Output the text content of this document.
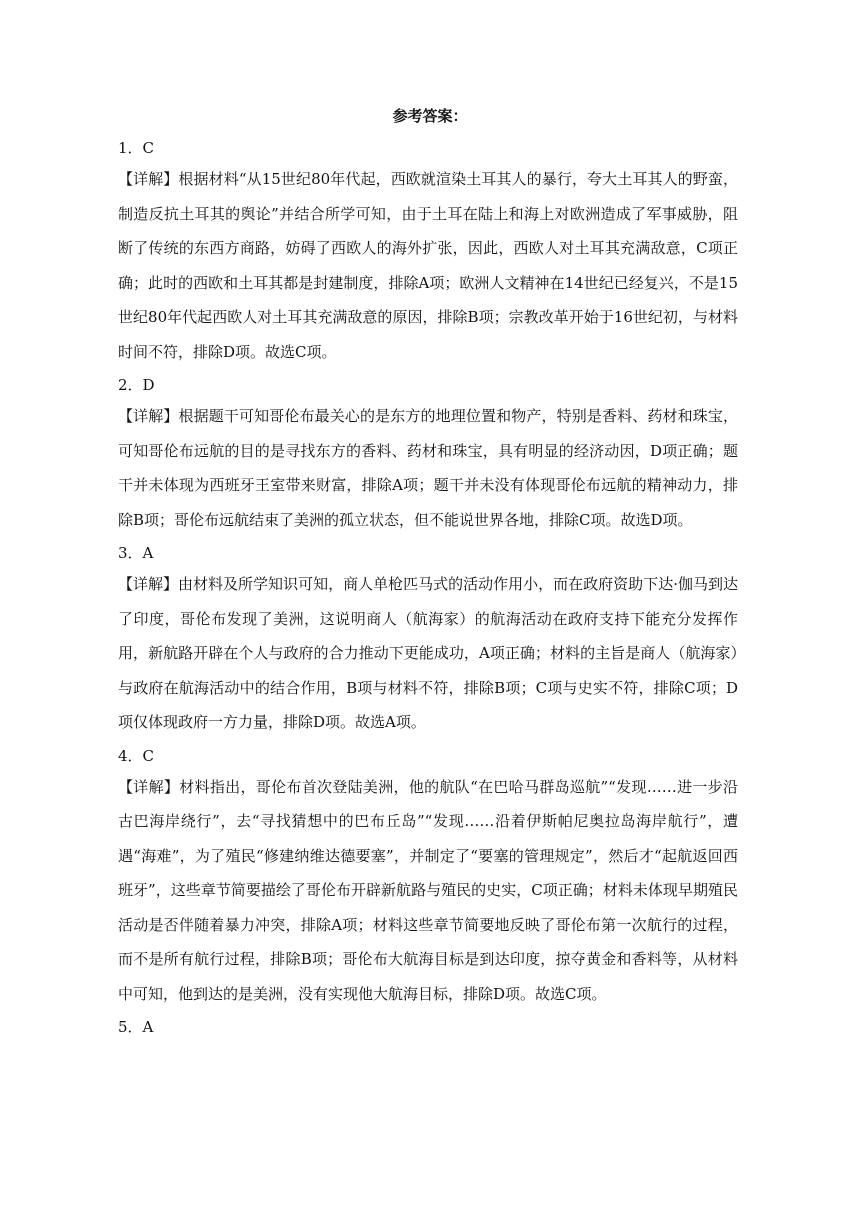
参考答案：

1．C

【详解】根据材料“从15世纪80年代起，西欧就渲染土耳其人的暴行，夸大土耳其人的野蛮，制造反抗土耳其的舆论”并结合所学可知，由于土耳在陆上和海上对欧洲造成了军事威胁，阻断了传统的东西方商路，妨碍了西欧人的海外扩张，因此，西欧人对土耳其充满敌意，C项正确；此时的西欧和土耳其都是封建制度，排除A项；欧洲人文精神在14世纪已经复兴，不是15世纪80年代起西欧人对土耳其充满敌意的原因，排除B项；宗教改革开始于16世纪初，与材料时间不符，排除D项。故选C项。

2．D

【详解】根据题干可知哥伦布最关心的是东方的地理位置和物产，特别是香料、药材和珠宝，可知哥伦布远航的目的是寻找东方的香料、药材和珠宝，具有明显的经济动因，D项正确；题干并未体现为西班牙王室带来财富，排除A项；题干并未没有体现哥伦布远航的精神动力，排除B项；哥伦布远航结束了美洲的孤立状态，但不能说世界各地，排除C项。故选D项。

3．A

【详解】由材料及所学知识可知，商人单枪匹马式的活动作用小，而在政府资助下达·伽马到达了印度，哥伦布发现了美洲，这说明商人（航海家）的航海活动在政府支持下能充分发挥作用，新航路开辟在个人与政府的合力推动下更能成功，A项正确；材料的主旨是商人（航海家）与政府在航海活动中的结合作用，B项与材料不符，排除B项；C项与史实不符，排除C项；D项仅体现政府一方力量，排除D项。故选A项。

4．C

【详解】材料指出，哥伦布首次登陆美洲，他的航队“在巴哈马群岛巡航”“发现……进一步沿古巴海岸绕行”，去“寻找猜想中的巴布丘岛”“发现……沿着伊斯帕尼奥拉岛海岸航行”，遭遇“海难”，为了殖民“修建纳维达德要塞”，并制定了“要塞的管理规定”，然后才“起航返回西班牙”，这些章节简要描绘了哥伦布开辟新航路与殖民的史实，C项正确；材料未体现早期殖民活动是否伴随着暴力冲突，排除A项；材料这些章节简要地反映了哥伦布第一次航行的过程，而不是所有航行过程，排除B项；哥伦布大航海目标是到达印度，掠夺黄金和香料等，从材料中可知，他到达的是美洲，没有实现他大航海目标，排除D项。故选C项。

5．A
